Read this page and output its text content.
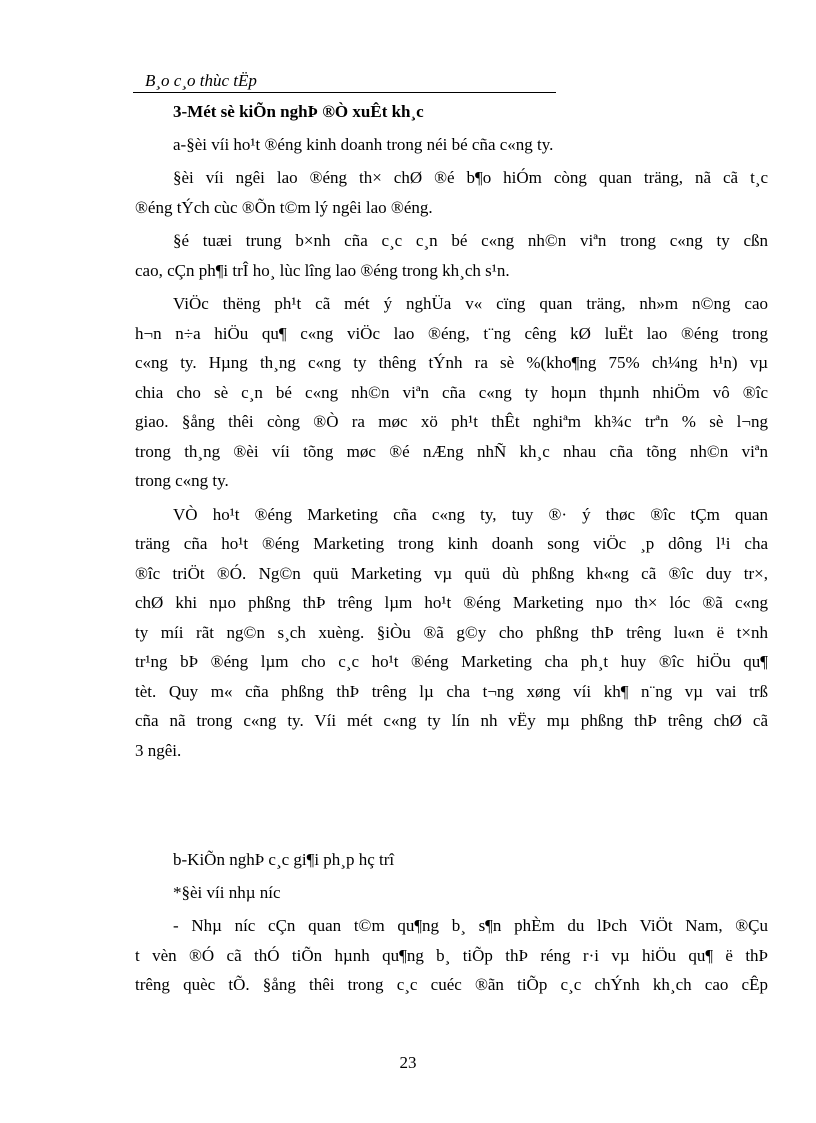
B¸o c¸o thùc tËp
3-Mét sè kiÕn nghÞ ®Ò xuÊt kh¸c
a-§èi víi ho¹t ®éng kinh doanh trong néi bé cña c«ng ty.
§èi víi ngêi lao ®éng th× chØ ®é b¶o hiÓm còng quan träng, nã cã t¸c
®éng tÝch cùc ®Õn t©m lý ngêi lao ®éng.
§é tuæi trung b×nh cña c¸c c¸n bé c«ng nh©n viªn trong c«ng ty cßn
cao, cÇn ph¶i trÎ ho¸ lùc lîng lao ®éng trong kh¸ch s¹n.
ViÖc thëng ph¹t cã mét ý nghÜa v« cïng quan träng, nh»m n©ng cao
h¬n n÷a hiÖu qu¶ c«ng viÖc lao ®éng, t¨ng cêng kØ luËt lao ®éng trong
c«ng ty. Hµng th¸ng c«ng ty thêng tÝnh ra sè %(kho¶ng 75% ch¼ng h¹n) vµ
chia cho sè c¸n bé c«ng nh©n viªn cña c«ng ty hoµn thµnh nhiÖm vô ®îc
giao. §ång thêi còng ®Ò ra møc xö ph¹t thÊt nghiªm kh¾c trªn % sè l¬ng
trong th¸ng ®èi víi tõng møc ®é nÆng nhÑ kh¸c nhau cña tõng nh©n viªn
trong c«ng ty.
VÒ ho¹t ®éng Marketing cña c«ng ty, tuy ®· ý thøc ®îc tÇm quan
träng cña ho¹t ®éng Marketing trong kinh doanh song viÖc ¸p dông l¹i cha
®îc triÖt ®Ó. Ng©n quü Marketing vµ quü dù phßng kh«ng cã ®îc duy tr×,
chØ khi nµo phßng thÞ trêng lµm ho¹t ®éng Marketing nµo th× lóc ®ã c«ng
ty míi rãt ng©n s¸ch xuèng. §iÒu ®ã g©y cho phßng thÞ trêng lu«n ë t×nh
tr¹ng bÞ ®éng lµm cho c¸c ho¹t ®éng Marketing cha ph¸t huy ®îc hiÖu qu¶
tèt. Quy m« cña phßng thÞ trêng lµ cha t¬ng xøng víi kh¶ n¨ng vµ vai trß
cña nã trong c«ng ty. Víi mét c«ng ty lín nh vËy mµ phßng thÞ trêng chØ cã
3 ngêi.
b-KiÕn nghÞ c¸c gi¶i ph¸p hç trî
*§èi víi nhµ níc
- Nhµ níc cÇn quan t©m qu¶ng b¸ s¶n phÈm du lÞch ViÖt Nam, ®Çu
t vèn ®Ó cã thÓ tiÕn hµnh qu¶ng b¸ tiÕp thÞ réng r·i vµ hiÖu qu¶ ë thÞ
trêng quèc tÕ. §ång thêi trong c¸c cuéc ®ãn tiÕp c¸c chÝnh kh¸ch cao cÊp
23
